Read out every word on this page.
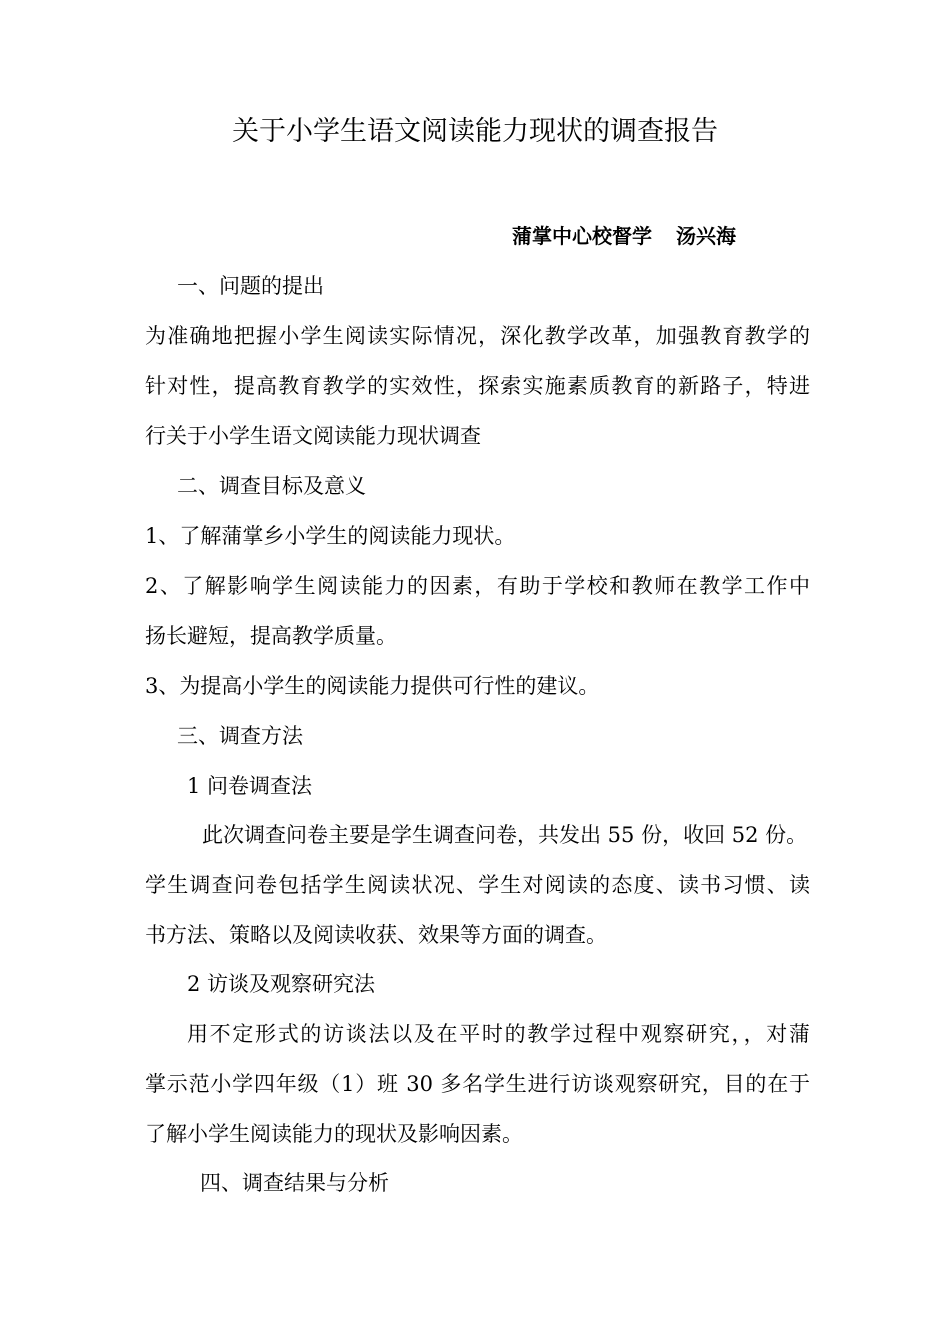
关于小学生语文阅读能力现状的调查报告
蒲掌中心校督学 汤兴海
一、问题的提出
为准确地把握小学生阅读实际情况，深化教学改革，加强教育教学的
针对性，提高教育教学的实效性，探索实施素质教育的新路子，特进
行关于小学生语文阅读能力现状调查
二、调查目标及意义
1、了解蒲掌乡小学生的阅读能力现状。
2、了解影响学生阅读能力的因素，有助于学校和教师在教学工作中
扬长避短，提高教学质量。
3、为提高小学生的阅读能力提供可行性的建议。
三、调查方法
1 问卷调查法
此次调查问卷主要是学生调查问卷，共发出 55 份，收回 52 份。
学生调查问卷包括学生阅读状况、学生对阅读的态度、读书习惯、读
书方法、策略以及阅读收获、效果等方面的调查。
2 访谈及观察研究法
用不定形式的访谈法以及在平时的教学过程中观察研究，，对蒲
掌示范小学四年级（1）班 30 多名学生进行访谈观察研究，目的在于
了解小学生阅读能力的现状及影响因素。
四、调查结果与分析
